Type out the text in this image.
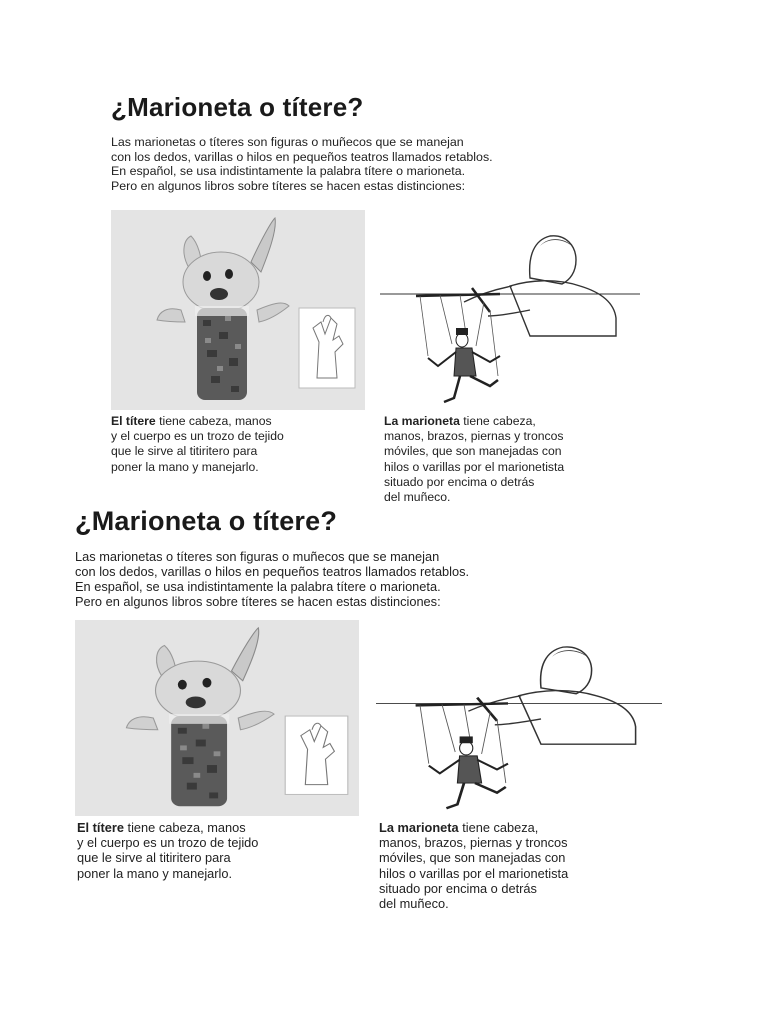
¿Marioneta o títere?
Las marionetas o títeres son figuras o muñecos que se manejan
con los dedos, varillas o hilos en pequeños teatros llamados retablos.
En español, se usa indistintamente la palabra títere o marioneta.
Pero en algunos libros sobre títeres se hacen estas distinciones:

El títere tiene cabeza, manos
y el cuerpo es un trozo de tejido
que le sirve al titiritero para
poner la mano y manejarlo.

La marioneta tiene cabeza,
manos, brazos, piernas y troncos
móviles, que son manejadas con
hilos o varillas por el marionetista
situado por encima o detrás
del muñeco.

¿Marioneta o títere?
Las marionetas o títeres son figuras o muñecos que se manejan
con los dedos, varillas o hilos en pequeños teatros llamados retablos.
En español, se usa indistintamente la palabra títere o marioneta.
Pero en algunos libros sobre títeres se hacen estas distinciones:

El títere tiene cabeza, manos
y el cuerpo es un trozo de tejido
que le sirve al titiritero para
poner la mano y manejarlo.

La marioneta tiene cabeza,
manos, brazos, piernas y troncos
móviles, que son manejadas con
hilos o varillas por el marionetista
situado por encima o detrás
del muñeco.
